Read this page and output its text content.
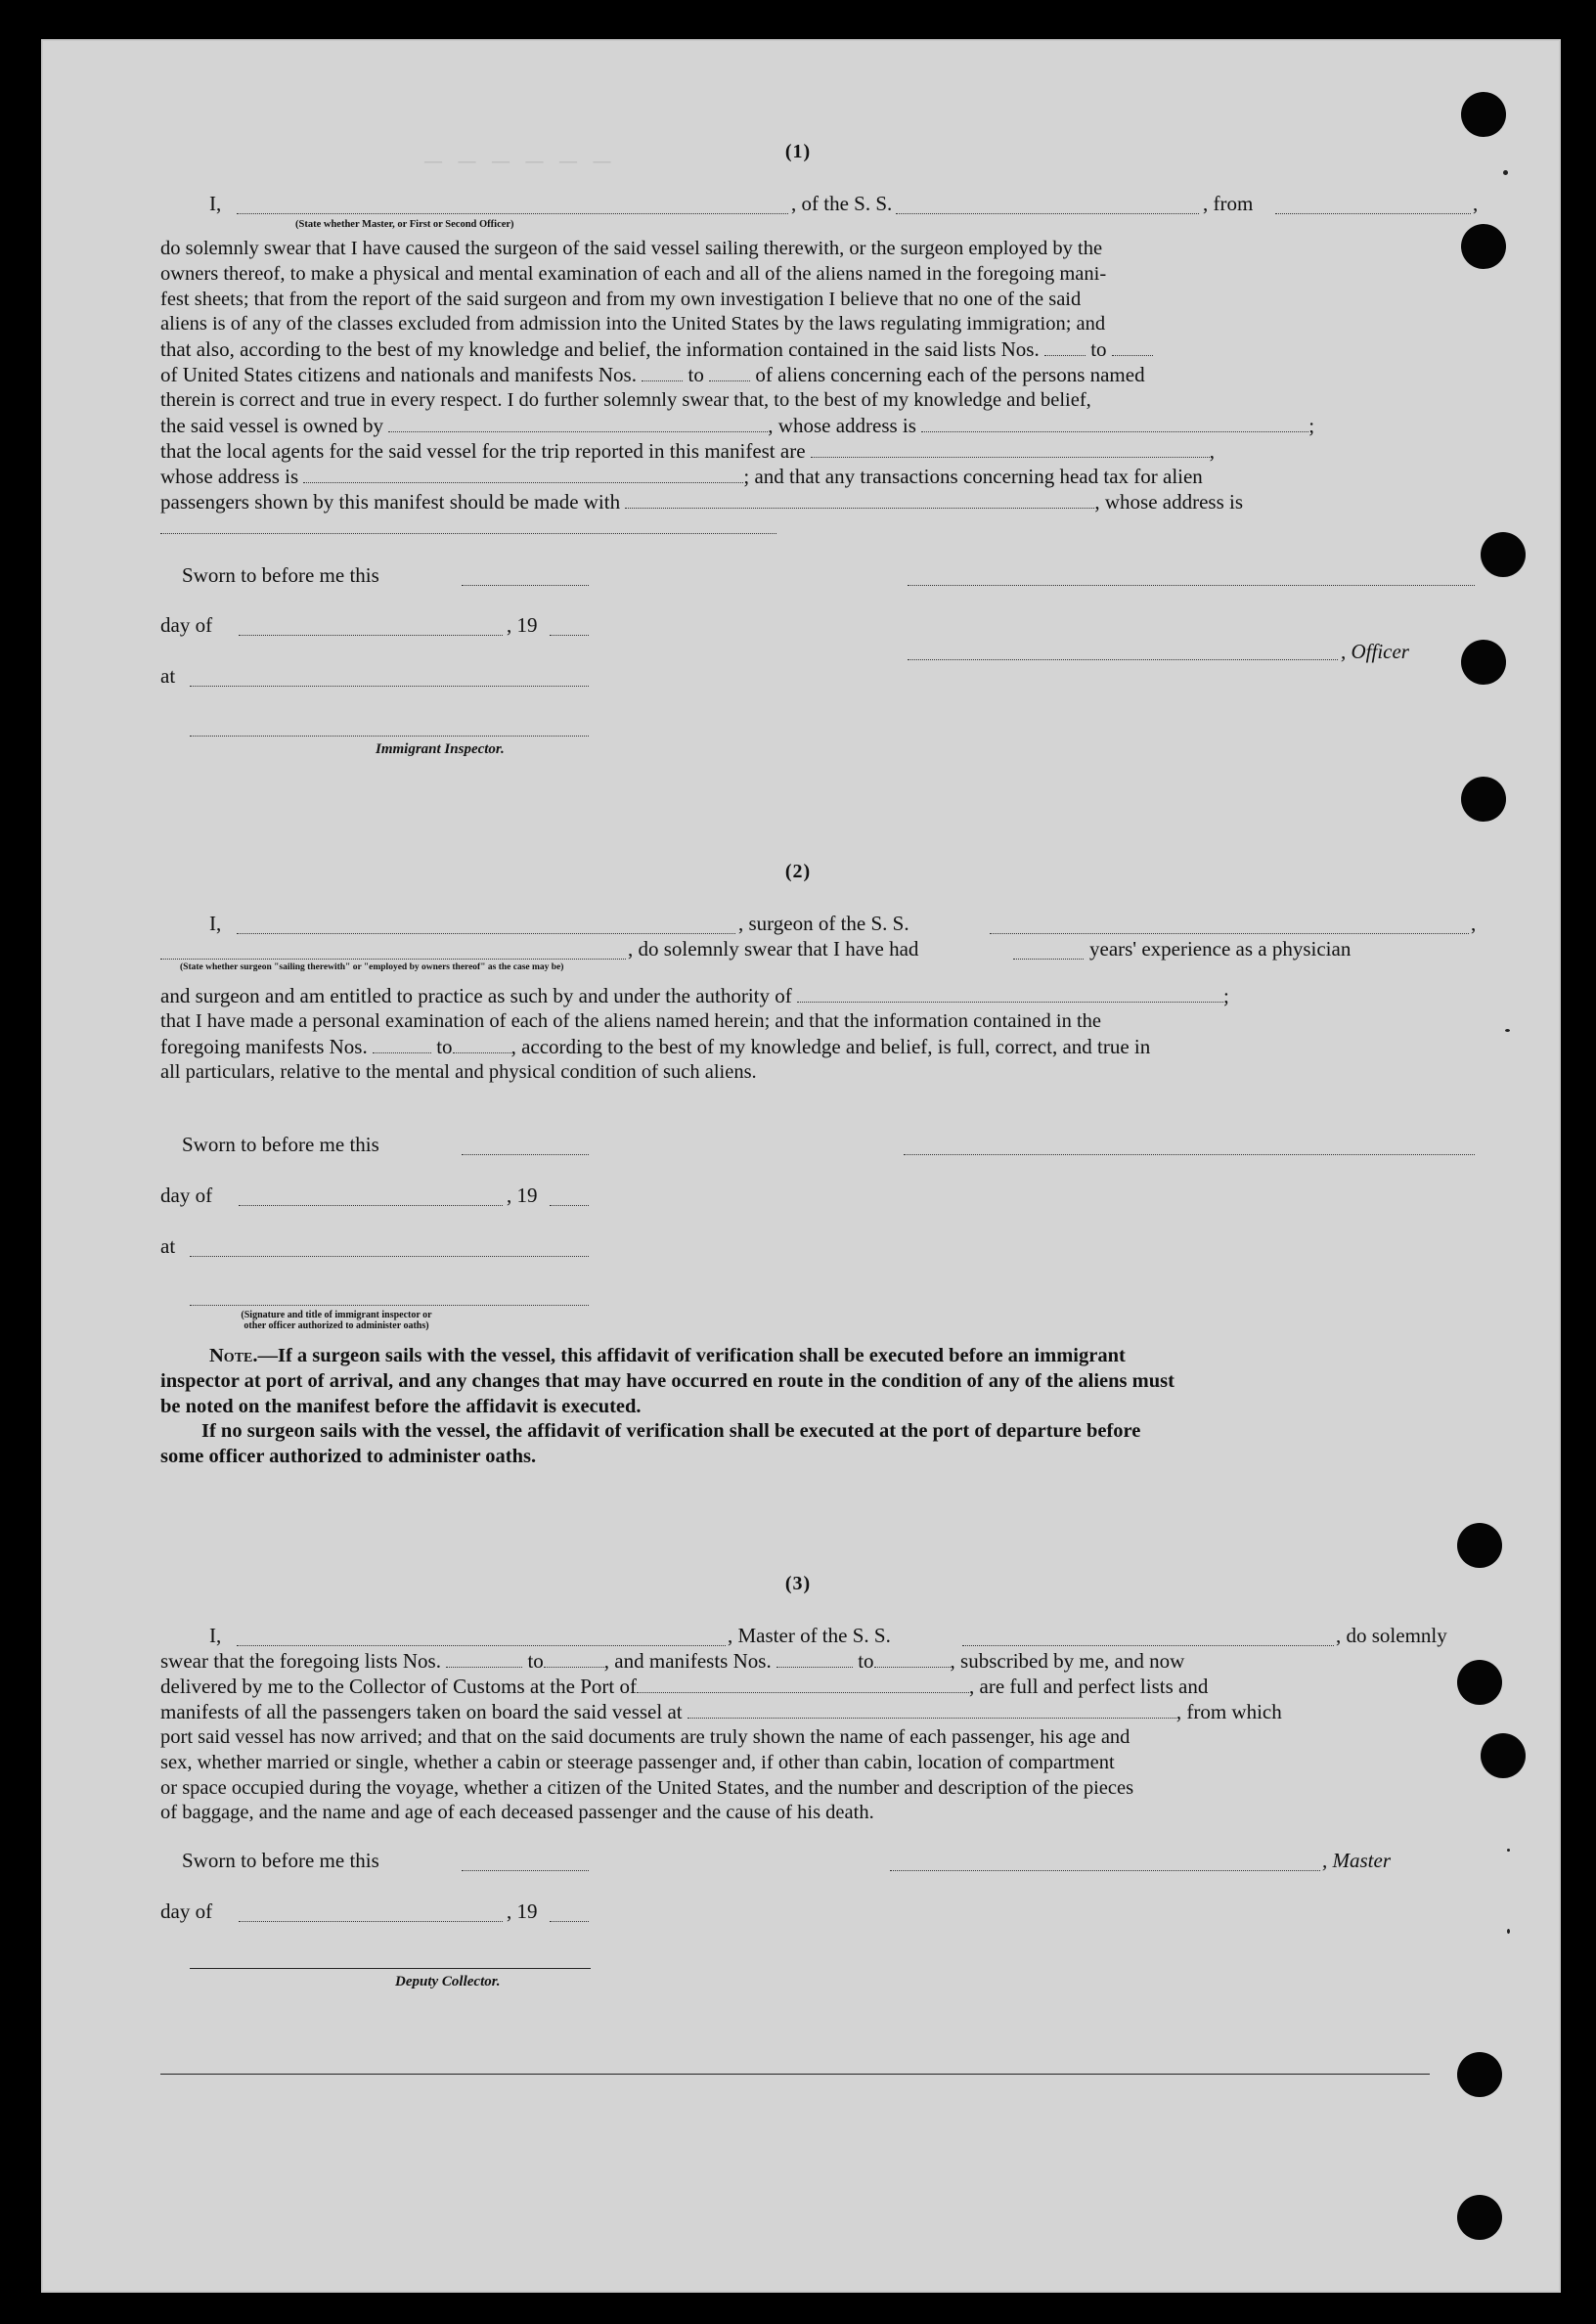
— — — — — —	(1)
I,	, of the S. S.	, from	,
(State whether Master, or First or Second Officer)
do solemnly swear that I have caused the surgeon of the said vessel sailing therewith, or the surgeon employed by the
owners thereof, to make a physical and mental examination of each and all of the aliens named in the foregoing mani-
fest sheets; that from the report of the said surgeon and from my own investigation I believe that no one of the said
aliens is of any of the classes excluded from admission into the United States by the laws regulating immigration; and
that also, according to the best of my knowledge and belief, the information contained in the said lists Nos.	to
of United States citizens and nationals and manifests Nos.	to	of aliens concerning each of the persons named
therein is correct and true in every respect. I do further solemnly swear that, to the best of my knowledge and belief,
the said vessel is owned by	, whose address is	;
that the local agents for the said vessel for the trip reported in this manifest are	,
whose address is	; and that any transactions concerning head tax for alien
passengers shown by this manifest should be made with	, whose address is
Sworn to before me this
day of	, 19
, Officer
at
Immigrant Inspector.
(2)
I,	, surgeon of the S. S.	,
, do solemnly swear that I have had	years' experience as a physician
(State whether surgeon "sailing therewith" or "employed by owners thereof" as the case may be)
and surgeon and am entitled to practice as such by and under the authority of	;
that I have made a personal examination of each of the aliens named herein; and that the information contained in the
foregoing manifests Nos.	to	, according to the best of my knowledge and belief, is full, correct, and true in
all particulars, relative to the mental and physical condition of such aliens.
Sworn to before me this
day of	, 19
at
(Signature and title of immigrant inspector or
other officer authorized to administer oaths)
Note.—If a surgeon sails with the vessel, this affidavit of verification shall be executed before an immigrant
inspector at port of arrival, and any changes that may have occurred en route in the condition of any of the aliens must
be noted on the manifest before the affidavit is executed.
If no surgeon sails with the vessel, the affidavit of verification shall be executed at the port of departure before
some officer authorized to administer oaths.
(3)
I,	, Master of the S. S.	, do solemnly
swear that the foregoing lists Nos.	to	, and manifests Nos.	to	, subscribed by me, and now
delivered by me to the Collector of Customs at the Port of	, are full and perfect lists and
manifests of all the passengers taken on board the said vessel at	, from which
port said vessel has now arrived; and that on the said documents are truly shown the name of each passenger, his age and
sex, whether married or single, whether a cabin or steerage passenger and, if other than cabin, location of compartment
or space occupied during the voyage, whether a citizen of the United States, and the number and description of the pieces
of baggage, and the name and age of each deceased passenger and the cause of his death.
Sworn to before me this	, Master
day of	, 19
Deputy Collector.
